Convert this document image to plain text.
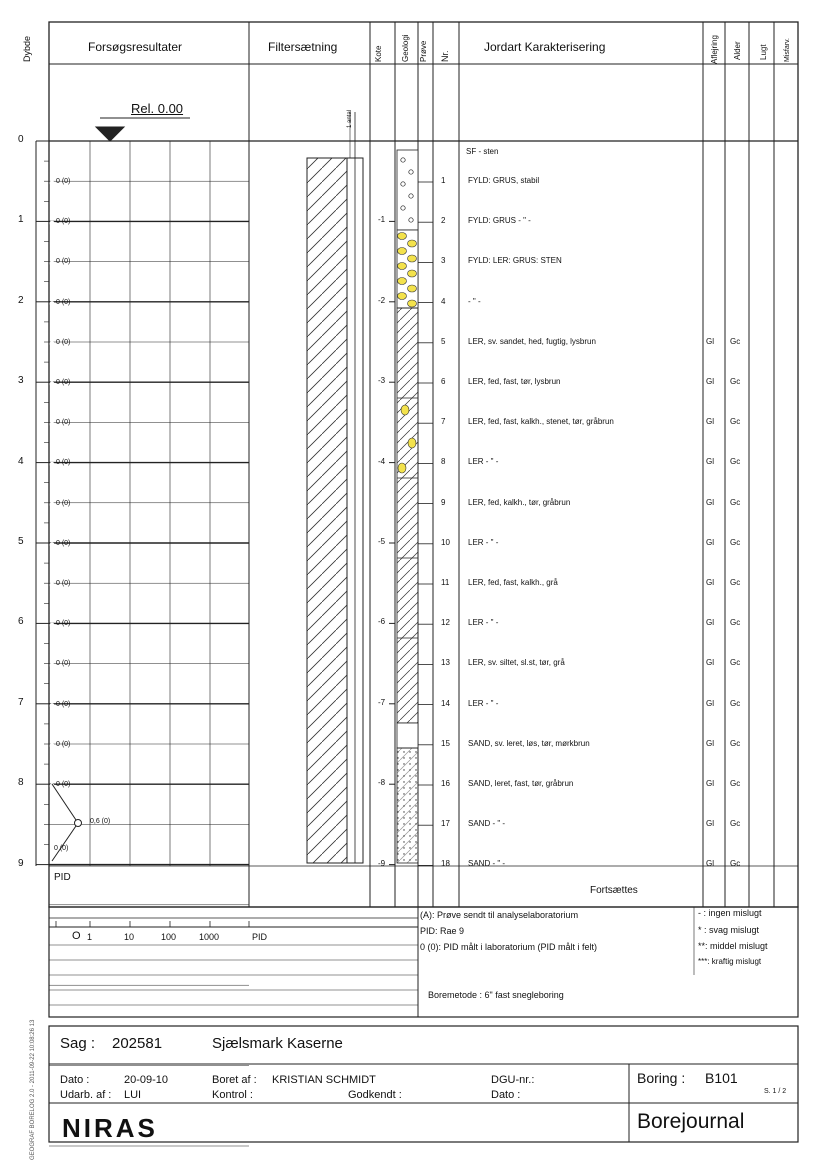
Dybde	Forsøgsresultater	Filtersætning	Kote Geologi Prøve Nr.
Jordart Karakterisering	Aflejring Alder Lugt Misfarv.
Rel. 0.00
1 antal
SF - sten
0
1
2
3
4
5
6
7
8
9
0 (0)
0 (0)
0 (0)
0 (0)
0 (0)
0 (0)
0 (0)
0 (0)
0 (0)
0 (0)
0 (0)
0 (0)
0 (0)
0 (0)
0 (0)
0 (0)
-1
-2
-3
-4
-5
-6
-7
-8
-9
1	FYLD: GRUS, stabil
2	FYLD: GRUS - " -
3	FYLD: LER: GRUS: STEN
4	- " -
5	LER, sv. sandet, hed, fugtig, lysbrun	Gl Gc
6	LER, fed, fast, tør, lysbrun	Gl Gc
7	LER, fed, fast, kalkh., stenet, tør, gråbrun	Gl Gc
8	LER - " -	Gl Gc
9	LER, fed, kalkh., tør, gråbrun	Gl Gc
10 LER - " -	Gl Gc
11 LER, fed, fast, kalkh., grå	Gl Gc
12 LER - " -	Gl Gc
13 LER, sv. siltet, sl.st, tør, grå	Gl Gc
14 LER - " -	Gl Gc
15 SAND, sv. leret, løs, tør, mørkbrun	Gl Gc
16 SAND, leret, fast, tør, gråbrun	Gl Gc
17 SAND - " -	Gl Gc
18 SAND - " -	Gl Gc
0,6 (0)
0 (0)
PID
Fortsættes
O 1	10	100	1000	PID
(A): Prøve sendt til analyselaboratorium
PID: Rae 9
0 (0): PID målt i laboratorium (PID målt i felt)
Boremetode : 6" fast snegleboring
- : ingen mislugt
* : svag mislugt
**: middel mislugt
***: kraftig mislugt
Sag : 202581	Sjælsmark Kaserne
Dato :	20-09-10	Boret af : KRISTIAN SCHMIDT	DGU-nr.:	Boring : B101
S. 1 / 2
Udarb. af : LUI	Kontrol :	Godkendt :	Dato :
NIRAS	Borejournal
GEOGRAF BORELOG 2.0 - 2011-09-22 10:08:26 13
